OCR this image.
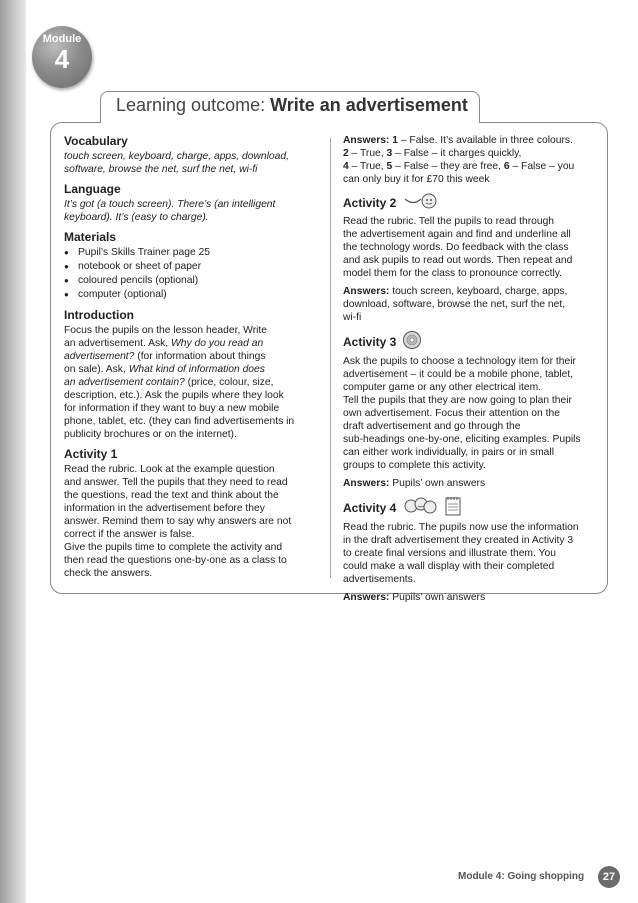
Module
4
Learning outcome: Write an advertisement
Vocabulary
touch screen, keyboard, charge, apps, download,
software, browse the net, surf the net, wi-fi
Language
It’s got (a touch screen). There’s (an intelligent
keyboard). It’s (easy to charge).
Materials
● Pupil’s Skills Trainer page 25
● notebook or sheet of paper
● coloured pencils (optional)
● computer (optional)
Introduction
Focus the pupils on the lesson header, Write
an advertisement. Ask, Why do you read an
advertisement? (for information about things
on sale). Ask, What kind of information does
an advertisement contain? (price, colour, size,
description, etc.). Ask the pupils where they look
for information if they want to buy a new mobile
phone, tablet, etc. (they can find advertisements in
publicity brochures or on the internet).
Activity 1
Read the rubric. Look at the example question
and answer. Tell the pupils that they need to read
the questions, read the text and think about the
information in the advertisement before they
answer. Remind them to say why answers are not
correct if the answer is false.
Give the pupils time to complete the activity and
then read the questions one-by-one as a class to
check the answers.
Answers: 1 – False. It’s available in three colours.
2 – True, 3 – False – it charges quickly,
4 – True, 5 – False – they are free, 6 – False – you
can only buy it for £70 this week
Activity 2
Read the rubric. Tell the pupils to read through
the advertisement again and find and underline all
the technology words. Do feedback with the class
and ask pupils to read out words. Then repeat and
model them for the class to pronounce correctly.
Answers: touch screen, keyboard, charge, apps,
download, software, browse the net, surf the net,
wi-fi
Activity 3
Ask the pupils to choose a technology item for their
advertisement – it could be a mobile phone, tablet,
computer game or any other electrical item.
Tell the pupils that they are now going to plan their
own advertisement. Focus their attention on the
draft advertisement and go through the
sub-headings one-by-one, eliciting examples. Pupils
can either work individually, in pairs or in small
groups to complete this activity.
Answers: Pupils’ own answers
Activity 4
Read the rubric. The pupils now use the information
in the draft advertisement they created in Activity 3
to create final versions and illustrate them. You
could make a wall display with their completed
advertisements.
Answers: Pupils’ own answers
Module 4: Going shopping	27
